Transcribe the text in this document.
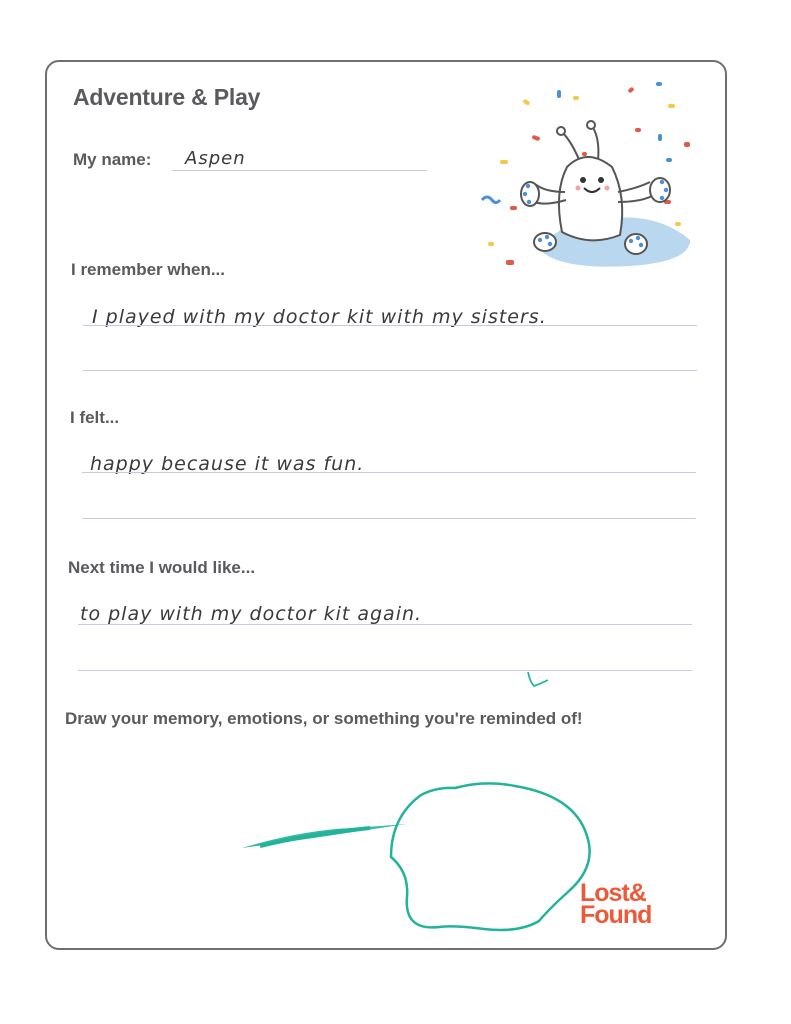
Adventure & Play
My name: Aspen
I remember when...
I played with my doctor kit with my sisters.
I felt...
happy because it was fun.
Next time I would like...
to play with my doctor kit again.
Draw your memory, emotions, or something you're reminded of!
Lost&
Found
